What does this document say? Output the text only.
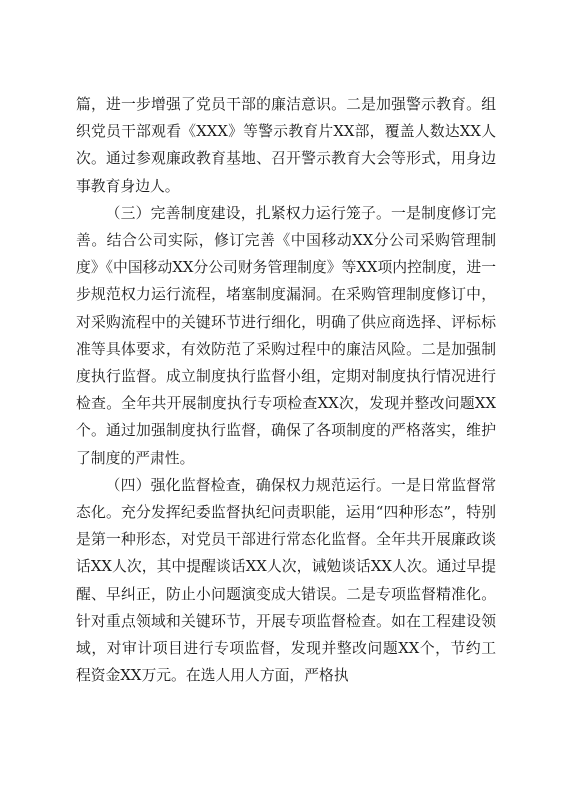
篇，进一步增强了党员干部的廉洁意识。二是加强警示教育。组织党员干部观看《XXX》等警示教育片XX部，覆盖人数达XX人次。通过参观廉政教育基地、召开警示教育大会等形式，用身边事教育身边人。

（三）完善制度建设，扎紧权力运行笼子。一是制度修订完善。结合公司实际，修订完善《中国移动XX分公司采购管理制度》《中国移动XX分公司财务管理制度》等XX项内控制度，进一步规范权力运行流程，堵塞制度漏洞。在采购管理制度修订中，对采购流程中的关键环节进行细化，明确了供应商选择、评标标准等具体要求，有效防范了采购过程中的廉洁风险。二是加强制度执行监督。成立制度执行监督小组，定期对制度执行情况进行检查。全年共开展制度执行专项检查XX次，发现并整改问题XX个。通过加强制度执行监督，确保了各项制度的严格落实，维护了制度的严肃性。

（四）强化监督检查，确保权力规范运行。一是日常监督常态化。充分发挥纪委监督执纪问责职能，运用“四种形态”，特别是第一种形态，对党员干部进行常态化监督。全年共开展廉政谈话XX人次，其中提醒谈话XX人次，诫勉谈话XX人次。通过早提醒、早纠正，防止小问题演变成大错误。二是专项监督精准化。针对重点领域和关键环节，开展专项监督检查。如在工程建设领域，对审计项目进行专项监督，发现并整改问题XX个，节约工程资金XX万元。在选人用人方面，严格执
